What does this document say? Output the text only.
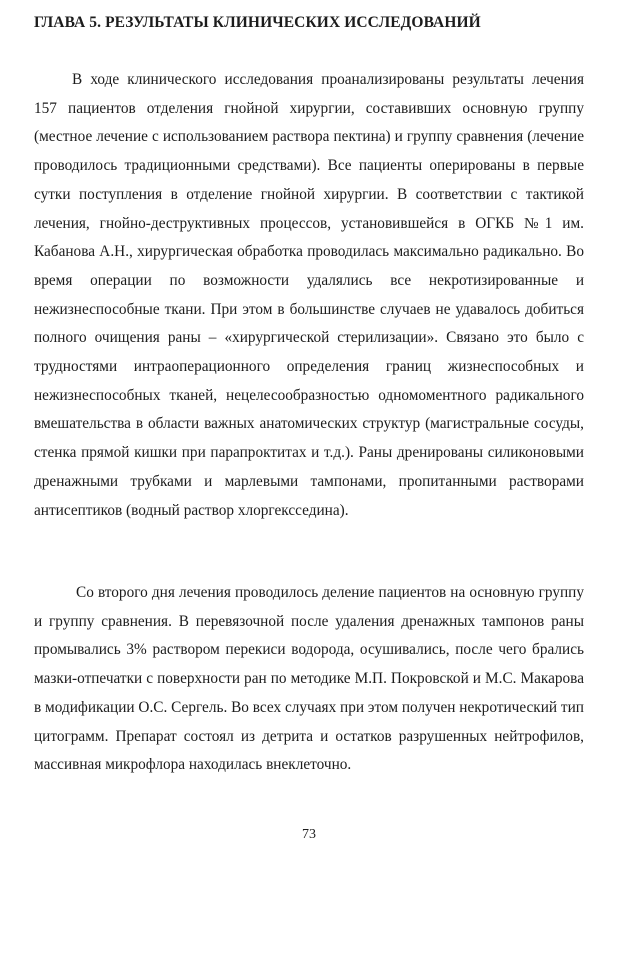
ГЛАВА 5. РЕЗУЛЬТАТЫ КЛИНИЧЕСКИХ ИССЛЕДОВАНИЙ

В ходе клинического исследования проанализированы результаты лечения 157 пациентов отделения гнойной хирургии, составивших основную группу (местное лечение с использованием раствора пектина) и группу сравнения (лечение проводилось традиционными средствами). Все пациенты оперированы в первые сутки поступления в отделение гнойной хирургии. В соответствии с тактикой лечения, гнойно-деструктивных процессов, установившейся в ОГКБ №1 им. Кабанова А.Н., хирургическая обработка проводилась максимально радикально. Во время операции по возможности удалялись все некротизированные и нежизнеспособные ткани. При этом в большинстве случаев не удавалось добиться полного очищения раны – «хирургической стерилизации». Связано это было с трудностями интраоперационного определения границ жизнеспособных и нежизнеспособных тканей, нецелесообразностью одномоментного радикального вмешательства в области важных анатомических структур (магистральные сосуды, стенка прямой кишки при парапроктитах и т.д.). Раны дренированы силиконовыми дренажными трубками и марлевыми тампонами, пропитанными растворами антисептиков (водный раствор хлоргексседина).

Со второго дня лечения проводилось деление пациентов на основную группу и группу сравнения. В перевязочной после удаления дренажных тампонов раны промывались 3% раствором перекиси водорода, осушивались, после чего брались мазки-отпечатки с поверхности ран по методике М.П. Покровской и М.С. Макарова в модификации О.С. Сергель. Во всех случаях при этом получен некротический тип цитограмм. Препарат состоял из детрита и остатков разрушенных нейтрофилов, массивная микрофлора находилась внеклеточно.

73
